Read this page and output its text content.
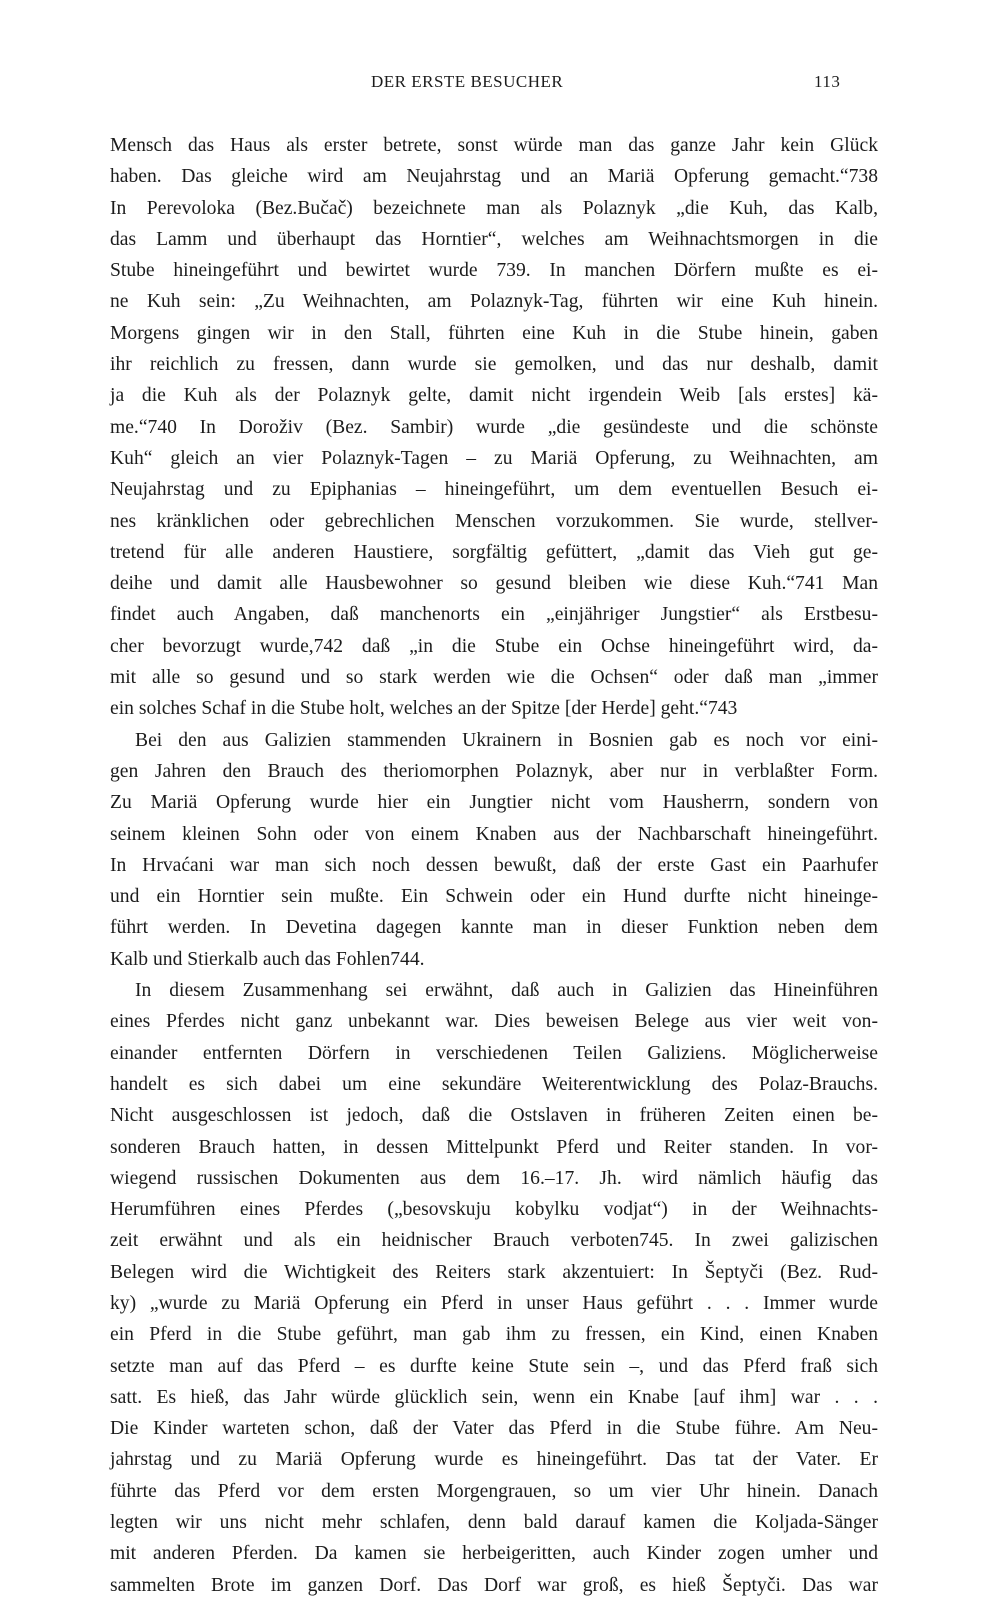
DER ERSTE BESUCHER	113
Mensch das Haus als erster betrete, sonst würde man das ganze Jahr kein Glück
haben. Das gleiche wird am Neujahrstag und an Mariä Opferung gemacht.“738
In Perevoloka (Bez.Bučač) bezeichnete man als Polaznyk „die Kuh, das Kalb,
das Lamm und überhaupt das Horntier“, welches am Weihnachtsmorgen in die
Stube hineingeführt und bewirtet wurde 739. In manchen Dörfern mußte es ei-
ne Kuh sein: „Zu Weihnachten, am Polaznyk-Tag, führten wir eine Kuh hinein.
Morgens gingen wir in den Stall, führten eine Kuh in die Stube hinein, gaben
ihr reichlich zu fressen, dann wurde sie gemolken, und das nur deshalb, damit
ja die Kuh als der Polaznyk gelte, damit nicht irgendein Weib [als erstes] kä-
me.“740 In Doroživ (Bez. Sambir) wurde „die gesündeste und die schönste
Kuh“ gleich an vier Polaznyk-Tagen – zu Mariä Opferung, zu Weihnachten, am
Neujahrstag und zu Epiphanias – hineingeführt, um dem eventuellen Besuch ei-
nes kränklichen oder gebrechlichen Menschen vorzukommen. Sie wurde, stellver-
tretend für alle anderen Haustiere, sorgfältig gefüttert, „damit das Vieh gut ge-
deihe und damit alle Hausbewohner so gesund bleiben wie diese Kuh.“741 Man
findet auch Angaben, daß manchenorts ein „einjähriger Jungstier“ als Erstbesu-
cher bevorzugt wurde,742 daß „in die Stube ein Ochse hineingeführt wird, da-
mit alle so gesund und so stark werden wie die Ochsen“ oder daß man „immer
ein solches Schaf in die Stube holt, welches an der Spitze [der Herde] geht.“743
Bei den aus Galizien stammenden Ukrainern in Bosnien gab es noch vor eini-
gen Jahren den Brauch des theriomorphen Polaznyk, aber nur in verblaßter Form.
Zu Mariä Opferung wurde hier ein Jungtier nicht vom Hausherrn, sondern von
seinem kleinen Sohn oder von einem Knaben aus der Nachbarschaft hineingeführt.
In Hrvaćani war man sich noch dessen bewußt, daß der erste Gast ein Paarhufer
und ein Horntier sein mußte. Ein Schwein oder ein Hund durfte nicht hineinge-
führt werden. In Devetina dagegen kannte man in dieser Funktion neben dem
Kalb und Stierkalb auch das Fohlen744.
In diesem Zusammenhang sei erwähnt, daß auch in Galizien das Hineinführen
eines Pferdes nicht ganz unbekannt war. Dies beweisen Belege aus vier weit von-
einander entfernten Dörfern in verschiedenen Teilen Galiziens. Möglicherweise
handelt es sich dabei um eine sekundäre Weiterentwicklung des Polaz-Brauchs.
Nicht ausgeschlossen ist jedoch, daß die Ostslaven in früheren Zeiten einen be-
sonderen Brauch hatten, in dessen Mittelpunkt Pferd und Reiter standen. In vor-
wiegend russischen Dokumenten aus dem 16.–17. Jh. wird nämlich häufig das
Herumführen eines Pferdes („besovskuju kobylku vodjat“) in der Weihnachts-
zeit erwähnt und als ein heidnischer Brauch verboten745. In zwei galizischen
Belegen wird die Wichtigkeit des Reiters stark akzentuiert: In Šeptyči (Bez. Rud-
ky) „wurde zu Mariä Opferung ein Pferd in unser Haus geführt . . . Immer wurde
ein Pferd in die Stube geführt, man gab ihm zu fressen, ein Kind, einen Knaben
setzte man auf das Pferd – es durfte keine Stute sein –, und das Pferd fraß sich
satt. Es hieß, das Jahr würde glücklich sein, wenn ein Knabe [auf ihm] war . . .
Die Kinder warteten schon, daß der Vater das Pferd in die Stube führe. Am Neu-
jahrstag und zu Mariä Opferung wurde es hineingeführt. Das tat der Vater. Er
führte das Pferd vor dem ersten Morgengrauen, so um vier Uhr hinein. Danach
legten wir uns nicht mehr schlafen, denn bald darauf kamen die Koljada-Sänger
mit anderen Pferden. Da kamen sie herbeigeritten, auch Kinder zogen umher und
sammelten Brote im ganzen Dorf. Das Dorf war groß, es hieß Šeptyči. Das war
